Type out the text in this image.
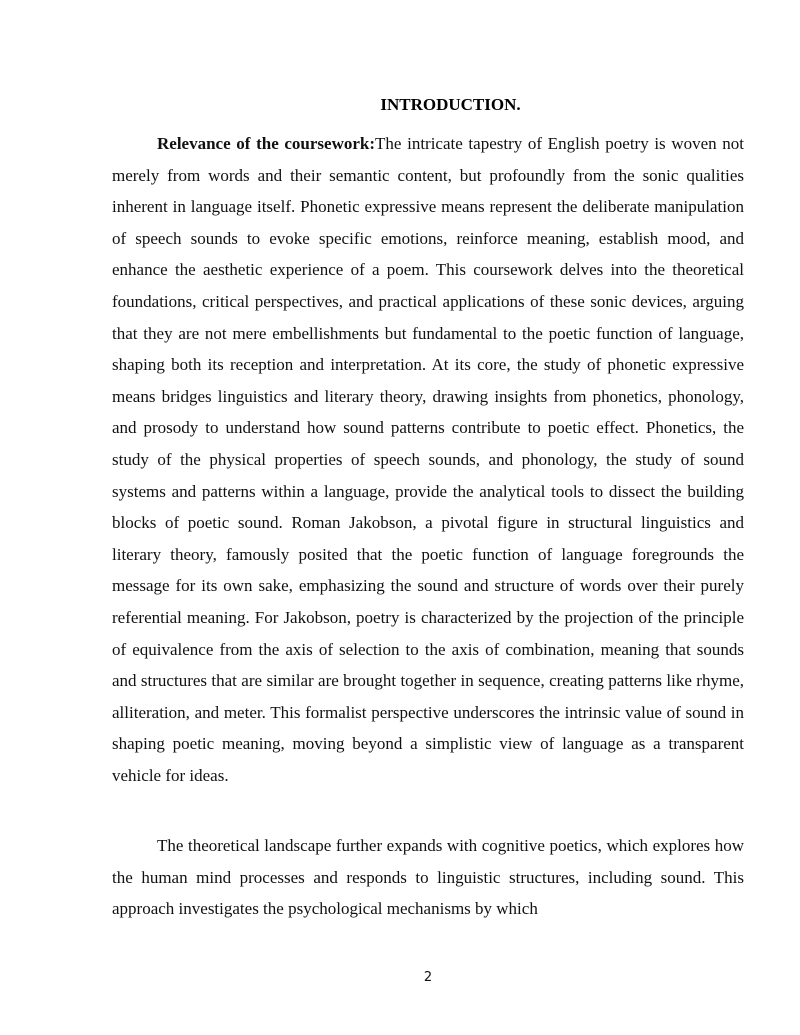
INTRODUCTION.

Relevance of the coursework:The intricate tapestry of English poetry is woven not merely from words and their semantic content, but profoundly from the sonic qualities inherent in language itself. Phonetic expressive means represent the deliberate manipulation of speech sounds to evoke specific emotions, reinforce meaning, establish mood, and enhance the aesthetic experience of a poem. This coursework delves into the theoretical foundations, critical perspectives, and practical applications of these sonic devices, arguing that they are not mere embellishments but fundamental to the poetic function of language, shaping both its reception and interpretation. At its core, the study of phonetic expressive means bridges linguistics and literary theory, drawing insights from phonetics, phonology, and prosody to understand how sound patterns contribute to poetic effect. Phonetics, the study of the physical properties of speech sounds, and phonology, the study of sound systems and patterns within a language, provide the analytical tools to dissect the building blocks of poetic sound. Roman Jakobson, a pivotal figure in structural linguistics and literary theory, famously posited that the poetic function of language foregrounds the message for its own sake, emphasizing the sound and structure of words over their purely referential meaning. For Jakobson, poetry is characterized by the projection of the principle of equivalence from the axis of selection to the axis of combination, meaning that sounds and structures that are similar are brought together in sequence, creating patterns like rhyme, alliteration, and meter. This formalist perspective underscores the intrinsic value of sound in shaping poetic meaning, moving beyond a simplistic view of language as a transparent vehicle for ideas.

The theoretical landscape further expands with cognitive poetics, which explores how the human mind processes and responds to linguistic structures, including sound. This approach investigates the psychological mechanisms by which

2
